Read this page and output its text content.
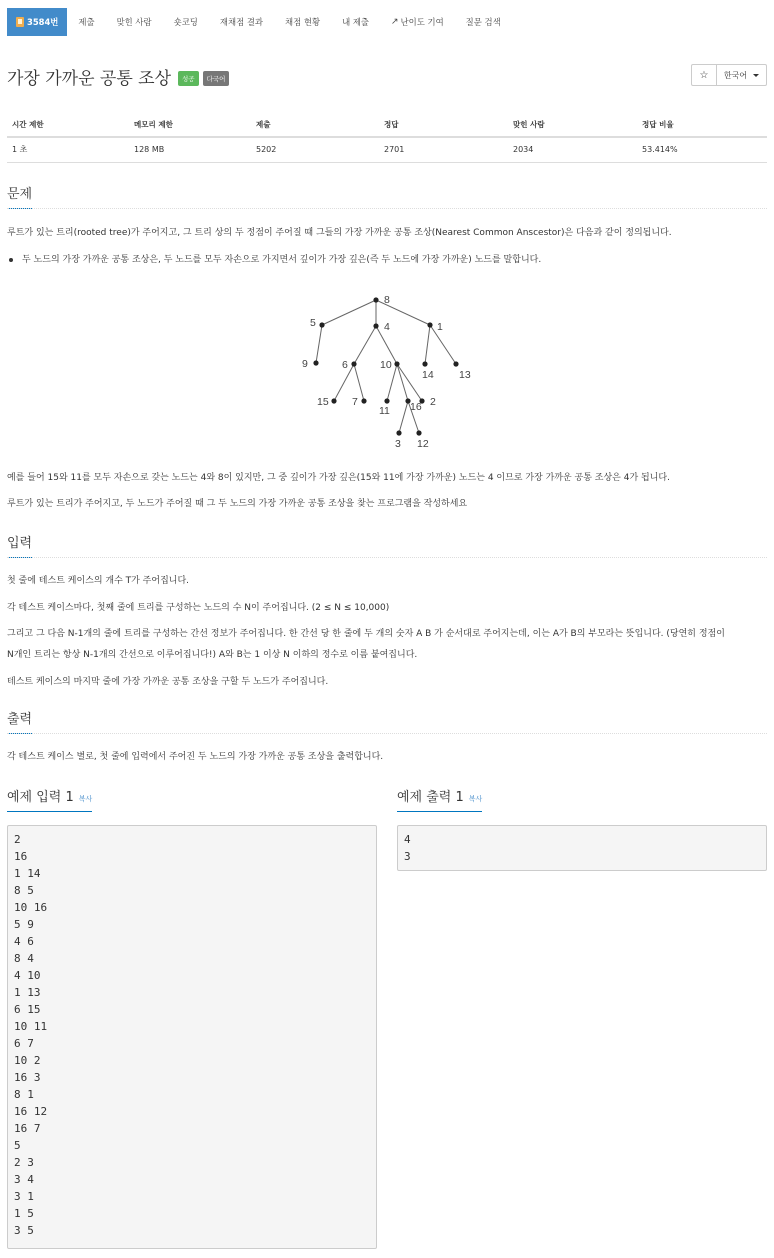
3584번	제출	맞힌 사람	숏코딩	재채점 결과	채점 현황	내 제출	↗ 난이도 기여	질문 검색
가장 가까운 공통 조상	성공	다국어	☆ 한국어
시간 제한	메모리 제한	제출	정답	맞힌 사람	정답 비율
1 초	128 MB	5202	2701	2034	53.414%
문제
루트가 있는 트리(rooted tree)가 주어지고, 그 트리 상의 두 정점이 주어질 때 그들의 가장 가까운 공통 조상(Nearest Common Anscestor)은 다음과 같이 정의됩니다.
두 노드의 가장 가까운 공통 조상은, 두 노드를 모두 자손으로 가지면서 깊이가 가장 깊은(즉 두 노드에 가장 가까운) 노드를 말합니다.
8
5	4	1
9	6	10
14 13
15 7
11 16 2
3 12
예를 들어 15와 11를 모두 자손으로 갖는 노드는 4와 8이 있지만, 그 중 깊이가 가장 깊은(15와 11에 가장 가까운) 노드는 4 이므로 가장 가까운 공통 조상은 4가 됩니다.
루트가 있는 트리가 주어지고, 두 노드가 주어질 때 그 두 노드의 가장 가까운 공통 조상을 찾는 프로그램을 작성하세요
입력
첫 줄에 테스트 케이스의 개수 T가 주어집니다.
각 테스트 케이스마다, 첫째 줄에 트리를 구성하는 노드의 수 N이 주어집니다. (2 ≤ N ≤ 10,000)
그리고 그 다음 N-1개의 줄에 트리를 구성하는 간선 정보가 주어집니다. 한 간선 당 한 줄에 두 개의 숫자 A B 가 순서대로 주어지는데, 이는 A가 B의 부모라는 뜻입니다. (당연히 정점이
N개인 트리는 항상 N-1개의 간선으로 이루어집니다!) A와 B는 1 이상 N 이하의 정수로 이름 붙여집니다.
테스트 케이스의 마지막 줄에 가장 가까운 공통 조상을 구할 두 노드가 주어집니다.
출력
각 테스트 케이스 별로, 첫 줄에 입력에서 주어진 두 노드의 가장 가까운 공통 조상을 출력합니다.
예제 입력 1 복사	예제 출력 1 복사
2
16
1 14
8 5
10 16
5 9
4 6
8 4
4 10
1 13
6 15
10 11
6 7
10 2
16 3
8 1
16 12
16 7
5
2 3
3 4
3 1
1 5
3 5
4
3
